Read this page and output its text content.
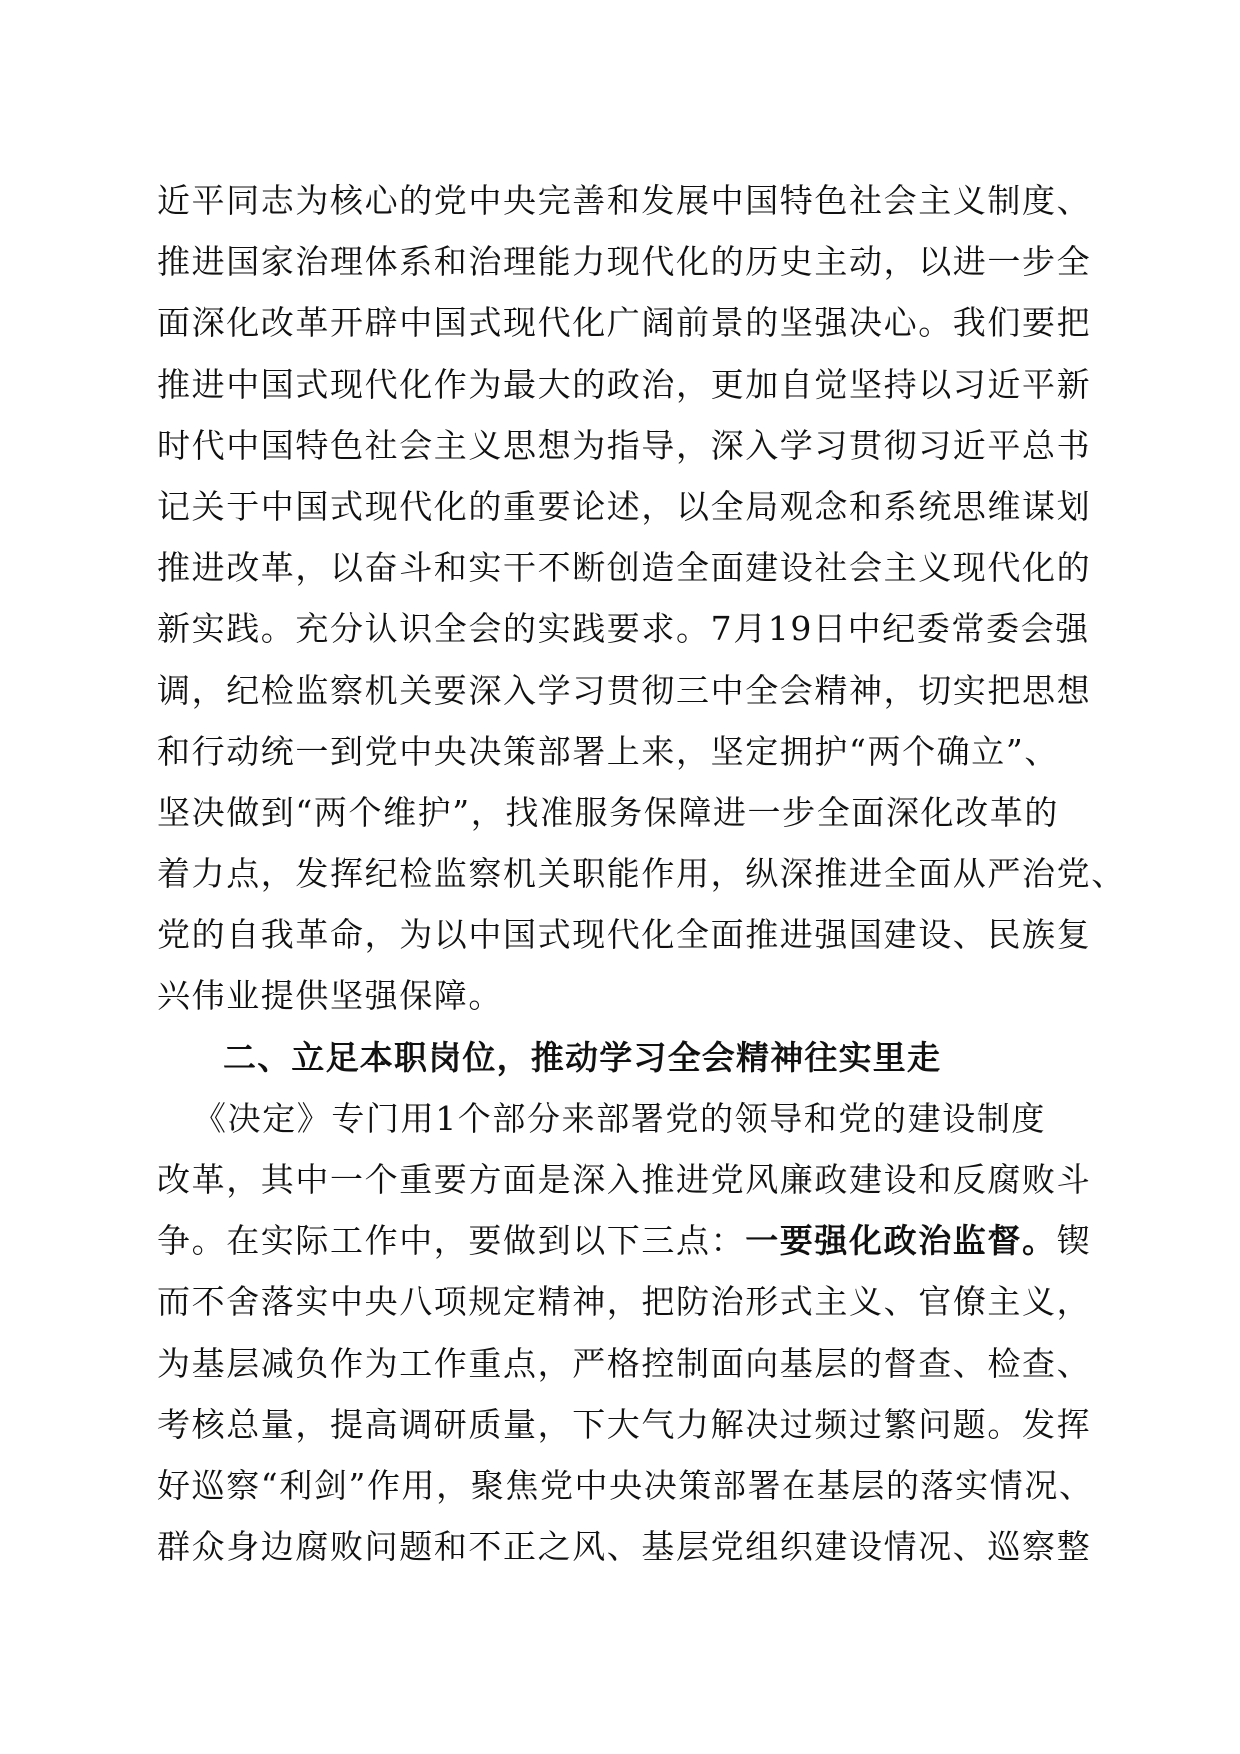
近平同志为核心的党中央完善和发展中国特色社会主义制度、
推进国家治理体系和治理能力现代化的历史主动，以进一步全
面深化改革开辟中国式现代化广阔前景的坚强决心。我们要把
推进中国式现代化作为最大的政治，更加自觉坚持以习近平新
时代中国特色社会主义思想为指导，深入学习贯彻习近平总书
记关于中国式现代化的重要论述，以全局观念和系统思维谋划
推进改革，以奋斗和实干不断创造全面建设社会主义现代化的
新实践。充分认识全会的实践要求。7月19日中纪委常委会强
调，纪检监察机关要深入学习贯彻三中全会精神，切实把思想
和行动统一到党中央决策部署上来，坚定拥护“两个确立”、
坚决做到“两个维护”，找准服务保障进一步全面深化改革的
着力点，发挥纪检监察机关职能作用，纵深推进全面从严治党、
党的自我革命，为以中国式现代化全面推进强国建设、民族复
兴伟业提供坚强保障。
二、立足本职岗位，推动学习全会精神往实里走
《决定》专门用1个部分来部署党的领导和党的建设制度
改革，其中一个重要方面是深入推进党风廉政建设和反腐败斗
争。在实际工作中，要做到以下三点：一要强化政治监督。锲
而不舍落实中央八项规定精神，把防治形式主义、官僚主义，
为基层减负作为工作重点，严格控制面向基层的督查、检查、
考核总量，提高调研质量，下大气力解决过频过繁问题。发挥
好巡察“利剑”作用，聚焦党中央决策部署在基层的落实情况、
群众身边腐败问题和不正之风、基层党组织建设情况、巡察整
